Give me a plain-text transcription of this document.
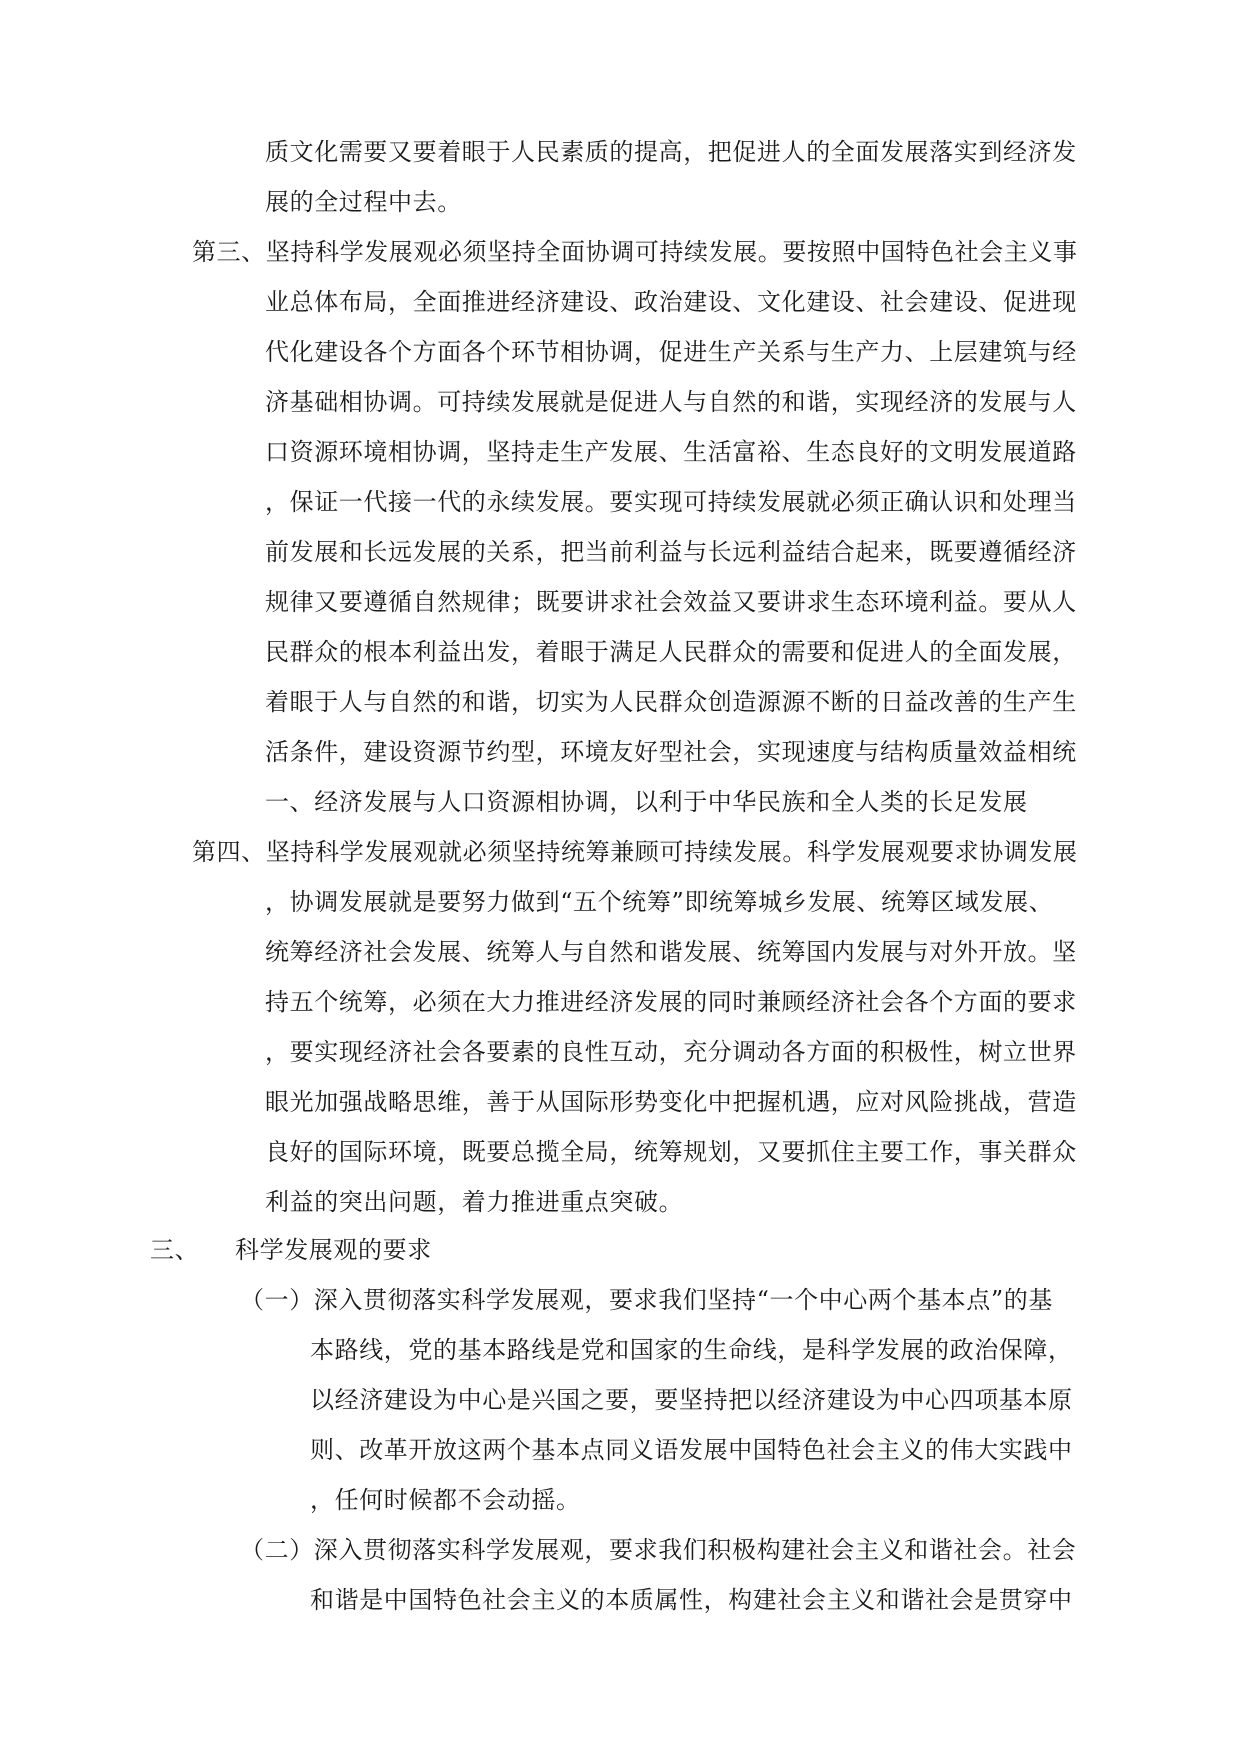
质文化需要又要着眼于人民素质的提高，把促进人的全面发展落实到经济发
展的全过程中去。
第三、坚持科学发展观必须坚持全面协调可持续发展。要按照中国特色社会主义事
业总体布局，全面推进经济建设、政治建设、文化建设、社会建设、促进现
代化建设各个方面各个环节相协调，促进生产关系与生产力、上层建筑与经
济基础相协调。可持续发展就是促进人与自然的和谐，实现经济的发展与人
口资源环境相协调，坚持走生产发展、生活富裕、生态良好的文明发展道路
，保证一代接一代的永续发展。要实现可持续发展就必须正确认识和处理当
前发展和长远发展的关系，把当前利益与长远利益结合起来，既要遵循经济
规律又要遵循自然规律；既要讲求社会效益又要讲求生态环境利益。要从人
民群众的根本利益出发，着眼于满足人民群众的需要和促进人的全面发展，
着眼于人与自然的和谐，切实为人民群众创造源源不断的日益改善的生产生
活条件，建设资源节约型，环境友好型社会，实现速度与结构质量效益相统
一、经济发展与人口资源相协调，以利于中华民族和全人类的长足发展
第四、坚持科学发展观就必须坚持统筹兼顾可持续发展。科学发展观要求协调发展
，协调发展就是要努力做到“五个统筹”即统筹城乡发展、统筹区域发展、
统筹经济社会发展、统筹人与自然和谐发展、统筹国内发展与对外开放。坚
持五个统筹，必须在大力推进经济发展的同时兼顾经济社会各个方面的要求
，要实现经济社会各要素的良性互动，充分调动各方面的积极性，树立世界
眼光加强战略思维，善于从国际形势变化中把握机遇，应对风险挑战，营造
良好的国际环境，既要总揽全局，统筹规划，又要抓住主要工作，事关群众
利益的突出问题，着力推进重点突破。
三、 科学发展观的要求
（一）深入贯彻落实科学发展观，要求我们坚持“一个中心两个基本点”的基
本路线，党的基本路线是党和国家的生命线，是科学发展的政治保障，
以经济建设为中心是兴国之要，要坚持把以经济建设为中心四项基本原
则、改革开放这两个基本点同义语发展中国特色社会主义的伟大实践中
，任何时候都不会动摇。
（二）深入贯彻落实科学发展观，要求我们积极构建社会主义和谐社会。社会
和谐是中国特色社会主义的本质属性，构建社会主义和谐社会是贯穿中
